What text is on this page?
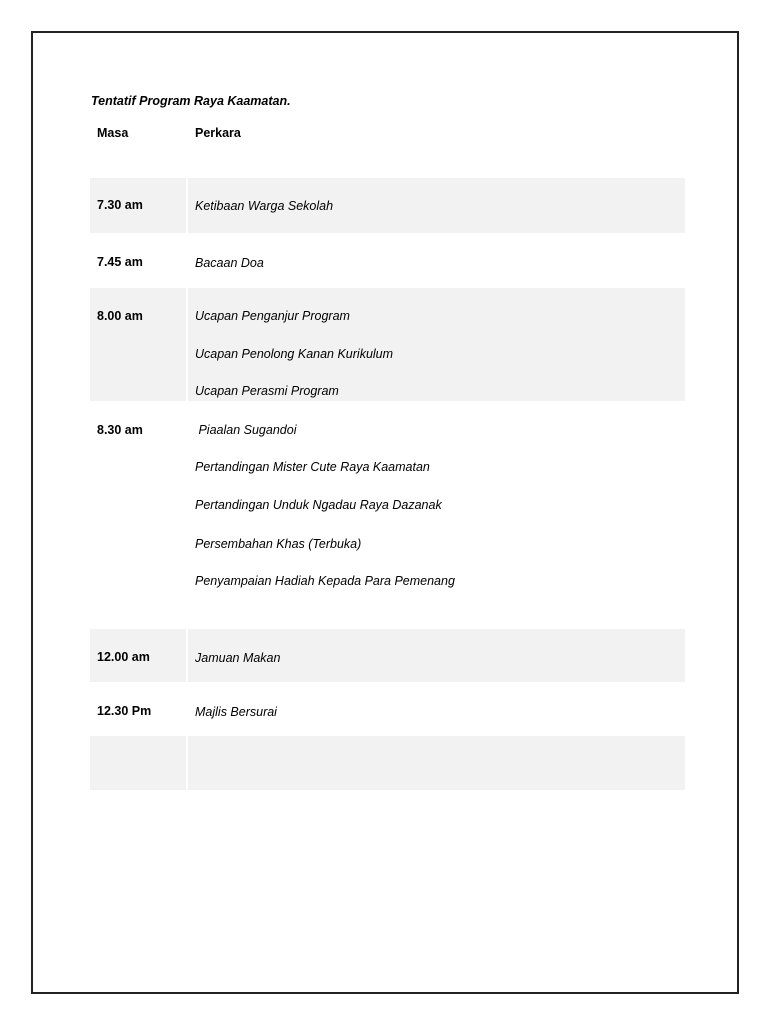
Tentatif Program Raya Kaamatan.
Masa	Perkara
7.30 am	Ketibaan Warga Sekolah
7.45 am	Bacaan Doa
8.00 am	Ucapan Penganjur Program
Ucapan Penolong Kanan Kurikulum
Ucapan Perasmi Program
8.30 am	Piaalan Sugandoi
Pertandingan Mister Cute Raya Kaamatan
Pertandingan Unduk Ngadau Raya Dazanak
Persembahan Khas (Terbuka)
Penyampaian Hadiah Kepada Para Pemenang
12.00 am	Jamuan Makan
12.30 Pm	Majlis Bersurai
